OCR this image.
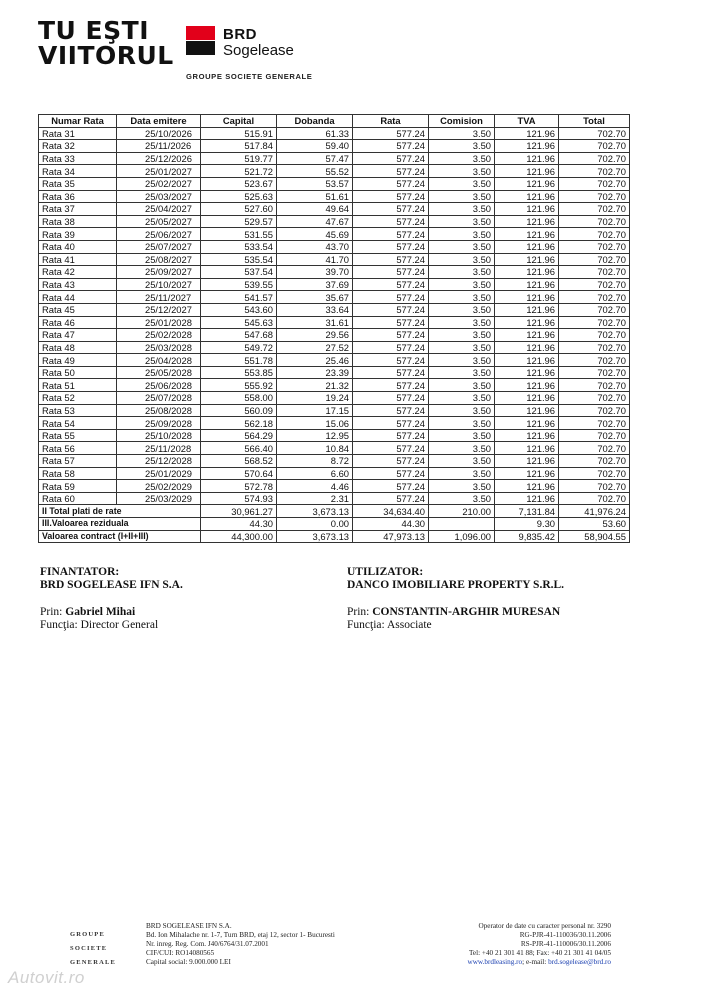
TU EŞTI
VIITORUL
BRD
Sogelease
GROUPE SOCIETE GENERALE
Numar Rata	Data emitere	Capital	Dobanda	Rata	Comision	TVA	Total
Rata 31	25/10/2026	515.91	61.33	577.24	3.50	121.96	702.70
Rata 32	25/11/2026	517.84	59.40	577.24	3.50	121.96	702.70
Rata 33	25/12/2026	519.77	57.47	577.24	3.50	121.96	702.70
Rata 34	25/01/2027	521.72	55.52	577.24	3.50	121.96	702.70
Rata 35	25/02/2027	523.67	53.57	577.24	3.50	121.96	702.70
Rata 36	25/03/2027	525.63	51.61	577.24	3.50	121.96	702.70
Rata 37	25/04/2027	527.60	49.64	577.24	3.50	121.96	702.70
Rata 38	25/05/2027	529.57	47.67	577.24	3.50	121.96	702.70
Rata 39	25/06/2027	531.55	45.69	577.24	3.50	121.96	702.70
Rata 40	25/07/2027	533.54	43.70	577.24	3.50	121.96	702.70
Rata 41	25/08/2027	535.54	41.70	577.24	3.50	121.96	702.70
Rata 42	25/09/2027	537.54	39.70	577.24	3.50	121.96	702.70
Rata 43	25/10/2027	539.55	37.69	577.24	3.50	121.96	702.70
Rata 44	25/11/2027	541.57	35.67	577.24	3.50	121.96	702.70
Rata 45	25/12/2027	543.60	33.64	577.24	3.50	121.96	702.70
Rata 46	25/01/2028	545.63	31.61	577.24	3.50	121.96	702.70
Rata 47	25/02/2028	547.68	29.56	577.24	3.50	121.96	702.70
Rata 48	25/03/2028	549.72	27.52	577.24	3.50	121.96	702.70
Rata 49	25/04/2028	551.78	25.46	577.24	3.50	121.96	702.70
Rata 50	25/05/2028	553.85	23.39	577.24	3.50	121.96	702.70
Rata 51	25/06/2028	555.92	21.32	577.24	3.50	121.96	702.70
Rata 52	25/07/2028	558.00	19.24	577.24	3.50	121.96	702.70
Rata 53	25/08/2028	560.09	17.15	577.24	3.50	121.96	702.70
Rata 54	25/09/2028	562.18	15.06	577.24	3.50	121.96	702.70
Rata 55	25/10/2028	564.29	12.95	577.24	3.50	121.96	702.70
Rata 56	25/11/2028	566.40	10.84	577.24	3.50	121.96	702.70
Rata 57	25/12/2028	568.52	8.72	577.24	3.50	121.96	702.70
Rata 58	25/01/2029	570.64	6.60	577.24	3.50	121.96	702.70
Rata 59	25/02/2029	572.78	4.46	577.24	3.50	121.96	702.70
Rata 60	25/03/2029	574.93	2.31	577.24	3.50	121.96	702.70
II Total plati de rate		30,961.27	3,673.13	34,634.40	210.00	7,131.84	41,976.24
III.Valoarea reziduala		44.30	0.00	44.30		9.30	53.60
Valoarea contract (I+II+III)		44,300.00	3,673.13	47,973.13	1,096.00	9,835.42	58,904.55
FINANTATOR:
BRD SOGELEASE IFN S.A.
Prin: Gabriel Mihai
Funcţia: Director General
UTILIZATOR:
DANCO IMOBILIARE PROPERTY S.R.L.
Prin: CONSTANTIN-ARGHIR MURESAN
Funcţia: Associate
GROUPE
SOCIETE
GENERALE
BRD SOGELEASE IFN S.A.
Bd. Ion Mihalache nr. 1-7, Turn BRD, etaj 12, sector 1- Bucuresti
Nr. inreg. Reg. Com. J40/6764/31.07.2001
CIF/CUI: RO14080565
Capital social: 9.000.000 LEI
Operator de date cu caracter personal nr. 3290
RG-PJR-41-110036/30.11.2006
RS-PJR-41-110006/30.11.2006
Tel: +40 21 301 41 88; Fax: +40 21 301 41 04/05
www.brdleasing.ro; e-mail: brd.sogelease@brd.ro
Autovit.ro
